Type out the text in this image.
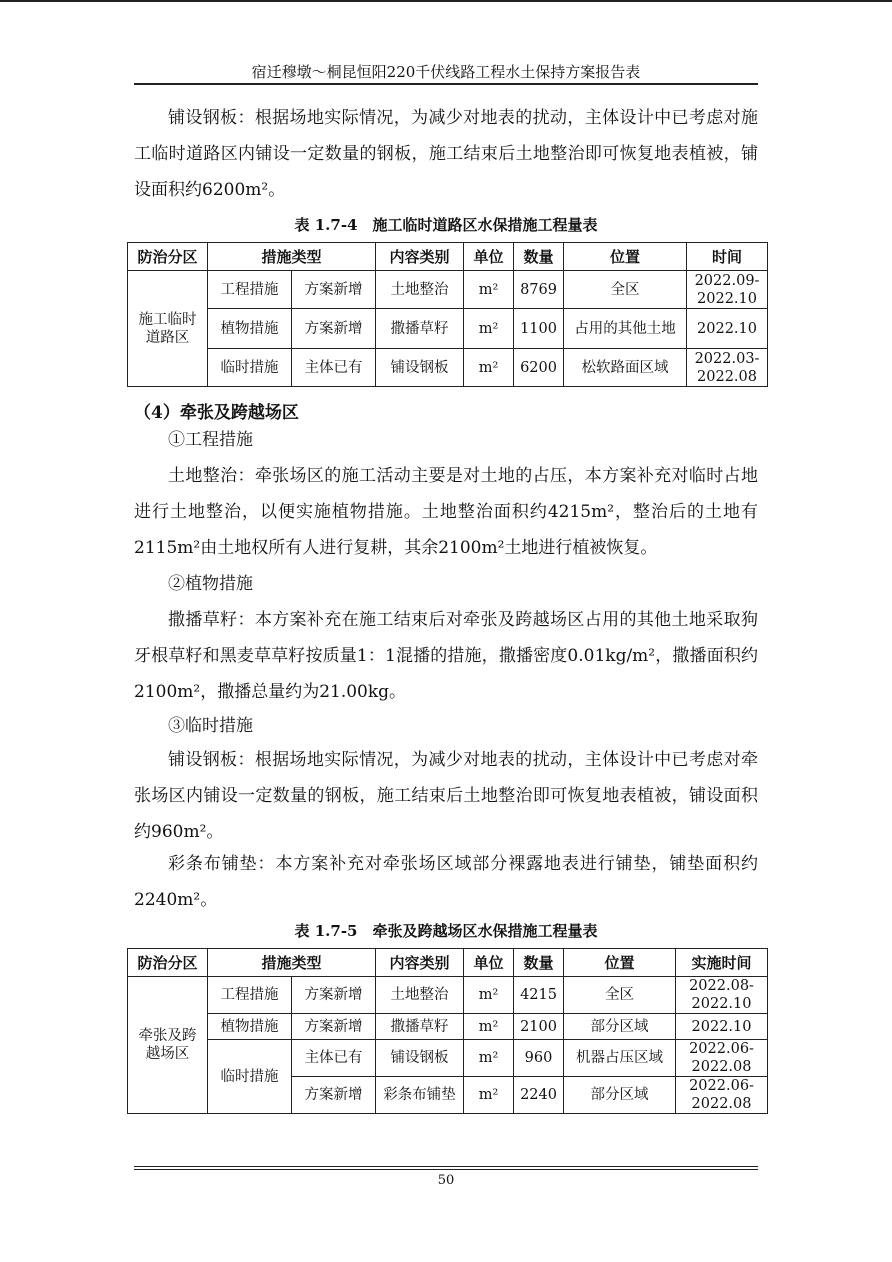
宿迁穆墩～桐昆恒阳220千伏线路工程水土保持方案报告表
铺设钢板：根据场地实际情况，为减少对地表的扰动，主体设计中已考虑对施工临时道路区内铺设一定数量的钢板，施工结束后土地整治即可恢复地表植被，铺设面积约6200m²。
表 1.7-4　施工临时道路区水保措施工程量表
防治分区	措施类型		内容类别	单位	数量	位置	时间
施工临时道路区	工程措施	方案新增	土地整治	m²	8769	全区	2022.09-2022.10
	植物措施	方案新增	撒播草籽	m²	1100	占用的其他土地	2022.10
	临时措施	主体已有	铺设钢板	m²	6200	松软路面区域	2022.03-2022.08
（4）牵张及跨越场区
①工程措施
土地整治：牵张场区的施工活动主要是对土地的占压，本方案补充对临时占地进行土地整治，以便实施植物措施。土地整治面积约4215m²，整治后的土地有2115m²由土地权所有人进行复耕，其余2100m²土地进行植被恢复。
②植物措施
撒播草籽：本方案补充在施工结束后对牵张及跨越场区占用的其他土地采取狗牙根草籽和黑麦草草籽按质量1：1混播的措施，撒播密度0.01kg/m²，撒播面积约2100m²，撒播总量约为21.00kg。
③临时措施
铺设钢板：根据场地实际情况，为减少对地表的扰动，主体设计中已考虑对牵张场区内铺设一定数量的钢板，施工结束后土地整治即可恢复地表植被，铺设面积约960m²。
彩条布铺垫：本方案补充对牵张场区域部分裸露地表进行铺垫，铺垫面积约2240m²。
表 1.7-5　牵张及跨越场区水保措施工程量表
防治分区	措施类型		内容类别	单位	数量	位置	实施时间
牵张及跨越场区	工程措施	方案新增	土地整治	m²	4215	全区	2022.08-2022.10
	植物措施	方案新增	撒播草籽	m²	2100	部分区域	2022.10
	临时措施	主体已有	铺设钢板	m²	960	机器占压区域	2022.06-2022.08
		方案新增	彩条布铺垫	m²	2240	部分区域	2022.06-2022.08
50
